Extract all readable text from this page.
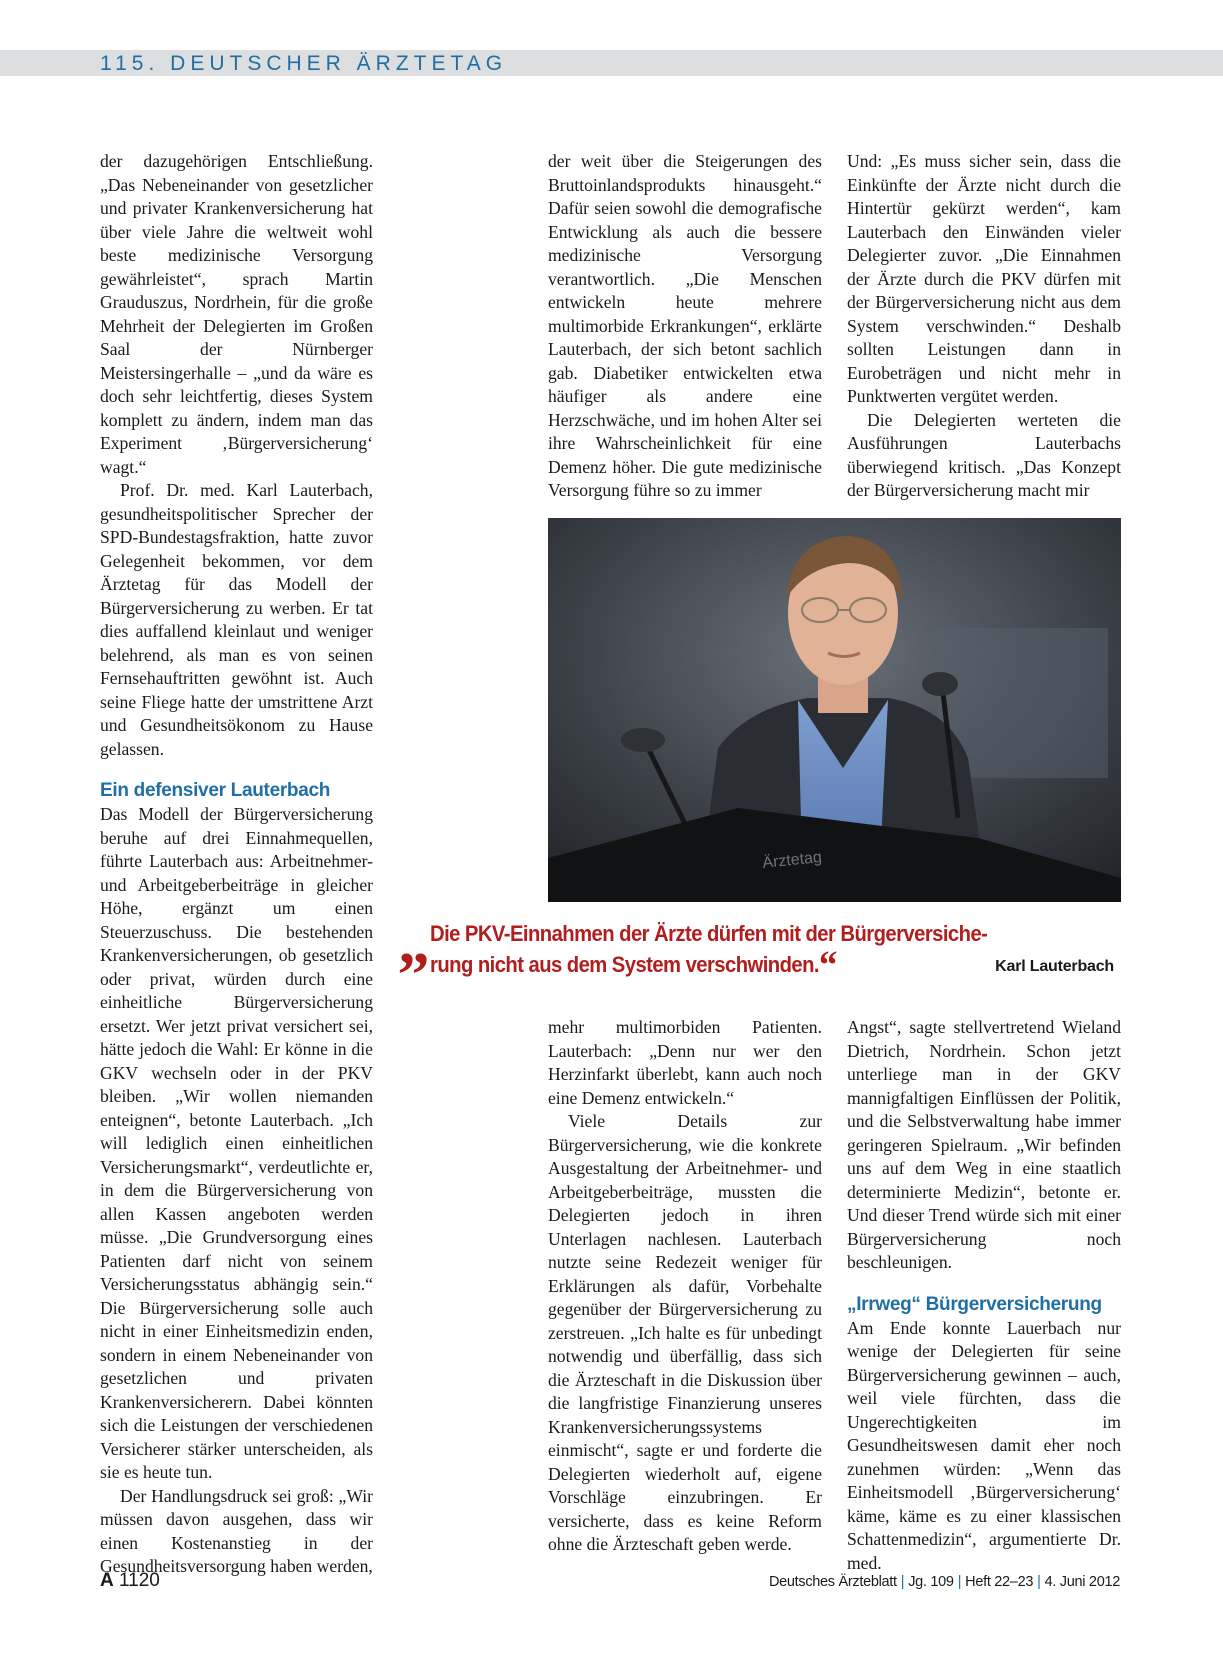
115. DEUTSCHER ÄRZTETAG

der dazugehörigen Entschließung. „Das Nebeneinander von gesetzlicher und privater Krankenversicherung hat über viele Jahre die weltweit wohl beste medizinische Versorgung gewährleistet“, sprach Martin Grauduszus, Nordrhein, für die große Mehrheit der Delegierten im Großen Saal der Nürnberger Meistersingerhalle – „und da wäre es doch sehr leichtfertig, dieses System komplett zu ändern, indem man das Experiment ‚Bürgerversicherung‘ wagt.“

Prof. Dr. med. Karl Lauterbach, gesundheitspolitischer Sprecher der SPD-Bundestagsfraktion, hatte zuvor Gelegenheit bekommen, vor dem Ärztetag für das Modell der Bürgerversicherung zu werben. Er tat dies auffallend kleinlaut und weniger belehrend, als man es von seinen Fernsehauftritten gewöhnt ist. Auch seine Fliege hatte der umstrittene Arzt und Gesundheitsökonom zu Hause gelassen.

Ein defensiver Lauterbach

Das Modell der Bürgerversicherung beruhe auf drei Einnahmequellen, führte Lauterbach aus: Arbeitnehmer- und Arbeitgeberbeiträge in gleicher Höhe, ergänzt um einen Steuerzuschuss. Die bestehenden Krankenversicherungen, ob gesetzlich oder privat, würden durch eine einheitliche Bürgerversicherung ersetzt. Wer jetzt privat versichert sei, hätte jedoch die Wahl: Er könne in die GKV wechseln oder in der PKV bleiben. „Wir wollen niemanden enteignen“, betonte Lauterbach. „Ich will lediglich einen einheitlichen Versicherungsmarkt“, verdeutlichte er, in dem die Bürgerversicherung von allen Kassen angeboten werden müsse. „Die Grundversorgung eines Patienten darf nicht von seinem Versicherungsstatus abhängig sein.“ Die Bürgerversicherung solle auch nicht in einer Einheitsmedizin enden, sondern in einem Nebeneinander von gesetzlichen und privaten Krankenversicherern. Dabei könnten sich die Leistungen der verschiedenen Versicherer stärker unterscheiden, als sie es heute tun.

Der Handlungsdruck sei groß: „Wir müssen davon ausgehen, dass wir einen Kostenanstieg in der Gesundheitsversorgung haben werden,

der weit über die Steigerungen des Bruttoinlandsprodukts hinausgeht.“ Dafür seien sowohl die demografische Entwicklung als auch die bessere medizinische Versorgung verantwortlich. „Die Menschen entwickeln heute mehrere multimorbide Erkrankungen“, erklärte Lauterbach, der sich betont sachlich gab. Diabetiker entwickelten etwa häufiger als andere eine Herzschwäche, und im hohen Alter sei ihre Wahrscheinlichkeit für eine Demenz höher. Die gute medizinische Versorgung führe so zu immer

Und: „Es muss sicher sein, dass die Einkünfte der Ärzte nicht durch die Hintertür gekürzt werden“, kam Lauterbach den Einwänden vieler Delegierter zuvor. „Die Einnahmen der Ärzte durch die PKV dürfen mit der Bürgerversicherung nicht aus dem System verschwinden.“ Deshalb sollten Leistungen dann in Eurobeträgen und nicht mehr in Punktwerten vergütet werden.

Die Delegierten werteten die Ausführungen Lauterbachs überwiegend kritisch. „Das Konzept der Bürgerversicherung macht mir

Ärztetag
„ Die PKV-Einnahmen der Ärzte dürfen mit der Bürgerversiche-
rung nicht aus dem System verschwinden.“	Karl Lauterbach

mehr multimorbiden Patienten. Lauterbach: „Denn nur wer den Herzinfarkt überlebt, kann auch noch eine Demenz entwickeln.“

Viele Details zur Bürgerversicherung, wie die konkrete Ausgestaltung der Arbeitnehmer- und Arbeitgeberbeiträge, mussten die Delegierten jedoch in ihren Unterlagen nachlesen. Lauterbach nutzte seine Redezeit weniger für Erklärungen als dafür, Vorbehalte gegenüber der Bürgerversicherung zu zerstreuen. „Ich halte es für unbedingt notwendig und überfällig, dass sich die Ärzteschaft in die Diskussion über die langfristige Finanzierung unseres Krankenversicherungssystems einmischt“, sagte er und forderte die Delegierten wiederholt auf, eigene Vorschläge einzubringen. Er versicherte, dass es keine Reform ohne die Ärzteschaft geben werde.

Angst“, sagte stellvertretend Wieland Dietrich, Nordrhein. Schon jetzt unterliege man in der GKV mannigfaltigen Einflüssen der Politik, und die Selbstverwaltung habe immer geringeren Spielraum. „Wir befinden uns auf dem Weg in eine staatlich determinierte Medizin“, betonte er. Und dieser Trend würde sich mit einer Bürgerversicherung noch beschleunigen.

„Irrweg“ Bürgerversicherung

Am Ende konnte Lauerbach nur wenige der Delegierten für seine Bürgerversicherung gewinnen – auch, weil viele fürchten, dass die Ungerechtigkeiten im Gesundheitswesen damit eher noch zunehmen würden: „Wenn das Einheitsmodell ‚Bürgerversicherung‘ käme, käme es zu einer klassischen Schattenmedizin“, argumentierte Dr. med.

A 1120	Deutsches Ärzteblatt | Jg. 109 | Heft 22–23 | 4. Juni 2012
